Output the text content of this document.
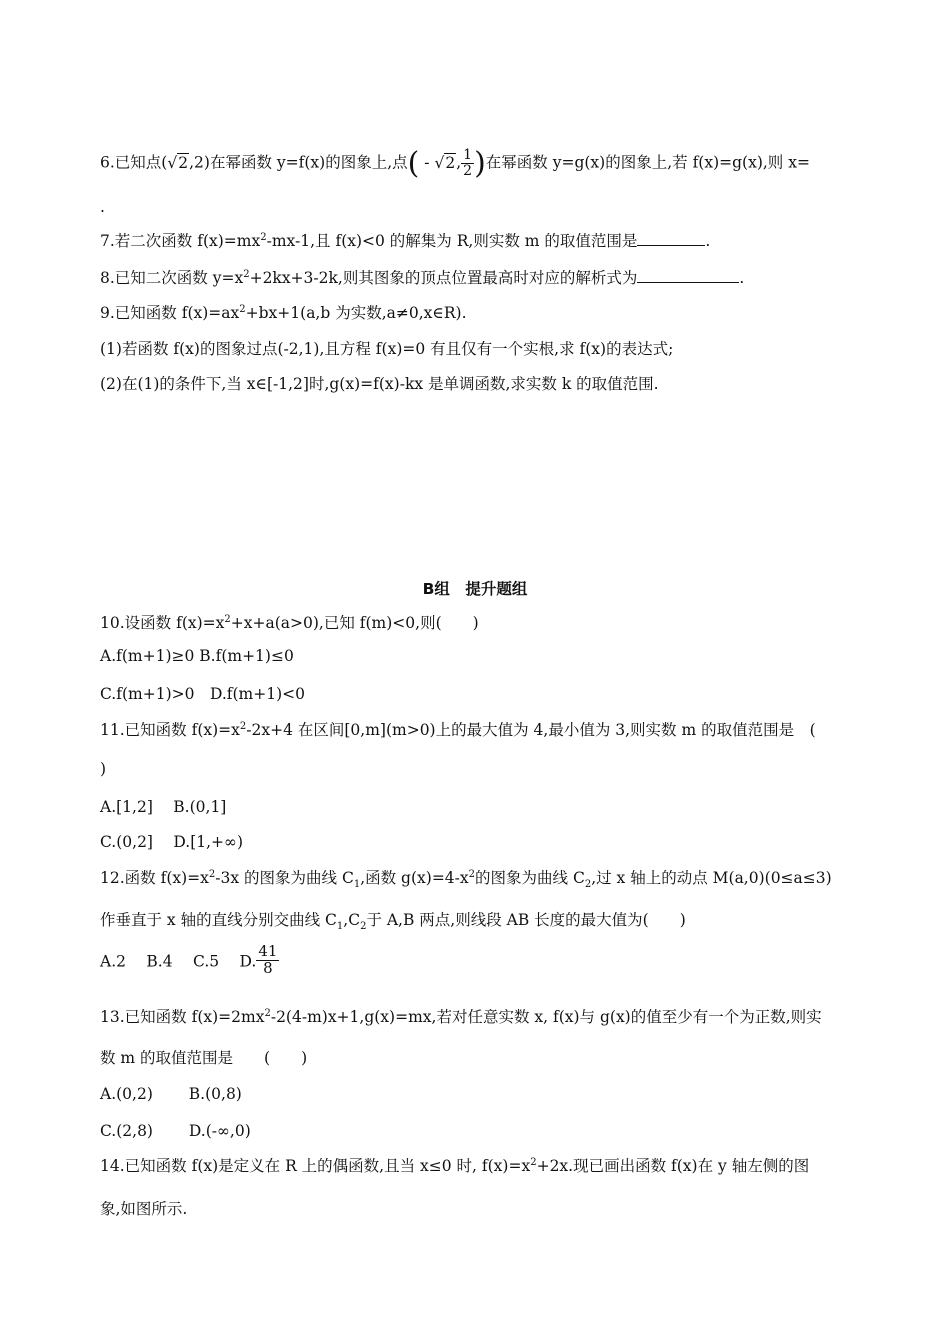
6.已知点(√2,2)在幂函数 y=f(x)的图象上,点( - √2, $\frac{1}{2}$ )在幂函数 y=g(x)的图象上,若 f(x)=g(x),则 x=
.
7.若二次函数 $f(x)=mx^2-mx-1$,且 f(x)<0 的解集为 R,则实数 m 的取值范围是	.
8.已知二次函数 $y=x^2+2kx+3-2k$,则其图象的顶点位置最高时对应的解析式为	.
9.已知函数 $f(x)=ax^2+bx+1(a,b$ 为实数,a≠0,x∈R).
(1)若函数 f(x)的图象过点(-2,1),且方程 f(x)=0 有且仅有一个实根,求 f(x)的表达式;
(2)在(1)的条件下,当 x∈[-1,2]时,g(x)=f(x)-kx 是单调函数,求实数 k 的取值范围.
B组　提升题组
10.设函数 $f(x)=x^2+x+a(a>0)$,已知 f(m)<0,则(　　)
A.f(m+1)≥0 B.f(m+1)≤0
C.f(m+1)>0　D.f(m+1)<0
11.已知函数 $f(x)=x^2-2x+4$ 在区间[0,m](m>0)上的最大值为 4,最小值为 3,则实数 m 的取值范围是　(
)
A.[1,2]　 B.(0,1]
C.(0,2]　 D.[1,+∞)
12.函数 $f(x)=x^2-3x$ 的图象为曲线 $C_1$,函数 $g(x)=4-x^2$的图象为曲线 $C_2$,过 x 轴上的动点 M(a,0)(0≤a≤3)
作垂直于 x 轴的直线分别交曲线 $C_1,C_2$于 A,B 两点,则线段 AB 长度的最大值为(　　)
A.2　 B.4　 C.5　 D. $\frac{41}{8}$
13.已知函数 $f(x)=2mx^2-2(4-m)x+1,g(x)=mx$,若对任意实数 x, f(x)与 g(x)的值至少有一个为正数,则实
数 m 的取值范围是　　(　　)
A.(0,2)　　 B.(0,8)
C.(2,8)　　 D.(-∞,0)
14.已知函数 f(x)是定义在 R 上的偶函数,且当 x≤0 时, $f(x)=x^2+2x$.现已画出函数 f(x)在 y 轴左侧的图
象,如图所示.
